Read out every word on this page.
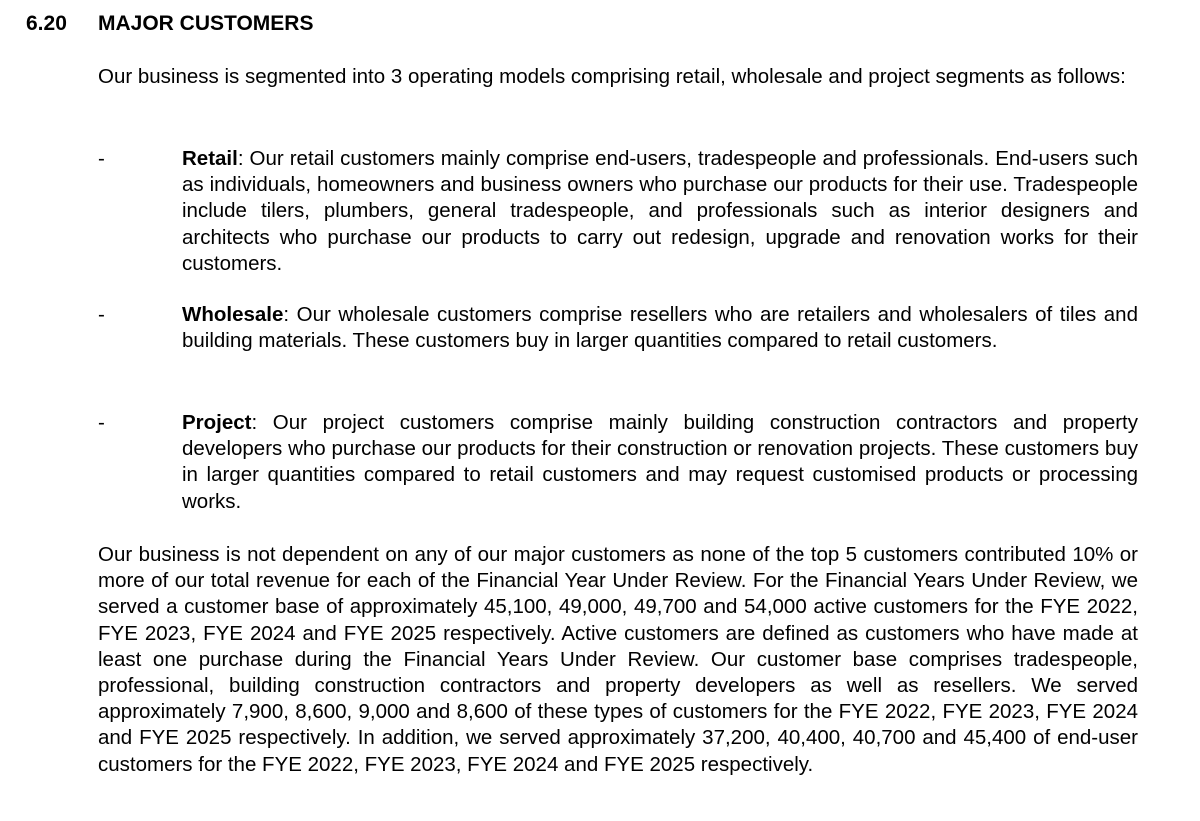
6.20 MAJOR CUSTOMERS

Our business is segmented into 3 operating models comprising retail, wholesale and project segments as follows:

-	Retail: Our retail customers mainly comprise end-users, tradespeople and professionals. End-users such as individuals, homeowners and business owners who purchase our products for their use. Tradespeople include tilers, plumbers, general tradespeople, and professionals such as interior designers and architects who purchase our products to carry out redesign, upgrade and renovation works for their customers.

-	Wholesale: Our wholesale customers comprise resellers who are retailers and wholesalers of tiles and building materials. These customers buy in larger quantities compared to retail customers.

-	Project: Our project customers comprise mainly building construction contractors and property developers who purchase our products for their construction or renovation projects. These customers buy in larger quantities compared to retail customers and may request customised products or processing works.

Our business is not dependent on any of our major customers as none of the top 5 customers contributed 10% or more of our total revenue for each of the Financial Year Under Review. For the Financial Years Under Review, we served a customer base of approximately 45,100, 49,000, 49,700 and 54,000 active customers for the FYE 2022, FYE 2023, FYE 2024 and FYE 2025 respectively. Active customers are defined as customers who have made at least one purchase during the Financial Years Under Review. Our customer base comprises tradespeople, professional, building construction contractors and property developers as well as resellers. We served approximately 7,900, 8,600, 9,000 and 8,600 of these types of customers for the FYE 2022, FYE 2023, FYE 2024 and FYE 2025 respectively. In addition, we served approximately 37,200, 40,400, 40,700 and 45,400 of end-user customers for the FYE 2022, FYE 2023, FYE 2024 and FYE 2025 respectively.
